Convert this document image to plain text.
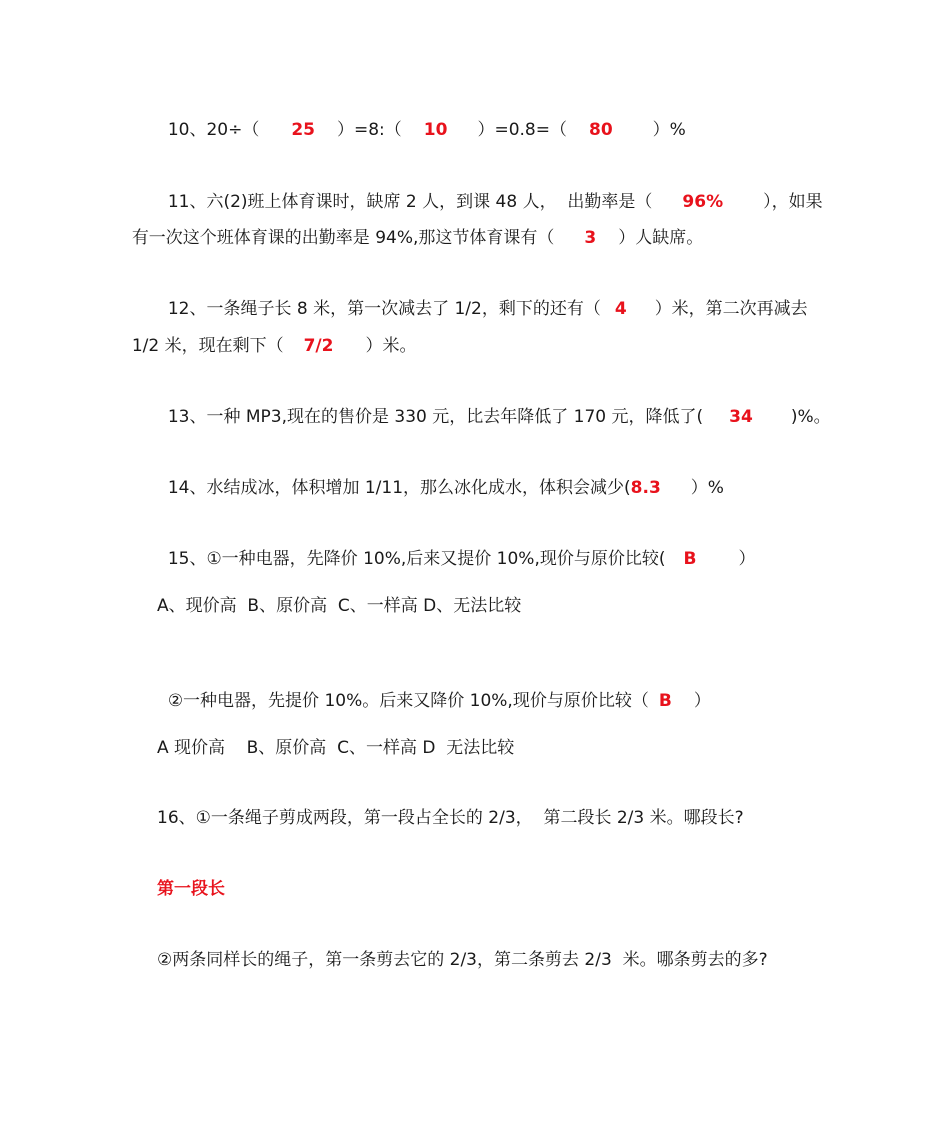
10、20÷（ 25 ）=8:（ 10 ）=0.8=（ 80 ）%

11、六(2)班上体育课时，缺席 2 人，到课 48 人，  出勤率是（ 96% ），如果

有一次这个班体育课的出勤率是 94%,那这节体育课有（ 3 ）人缺席。

12、一条绳子长 8 米，第一次减去了 1/2，剩下的还有（ 4 ）米，第二次再减去

1/2 米，现在剩下（ 7/2 ）米。

13、一种 MP3,现在的售价是 330 元，比去年降低了 170 元，降低了( 34 )%。

14、水结成冰，体积增加 1/11，那么冰化成水，体积会减少(8.3 ）%

15、①一种电器，先降价 10%,后来又提价 10%,现价与原价比较( B ）

A、现价高  B、原价高  C、一样高 D、无法比较

②一种电器，先提价 10%。后来又降价 10%,现价与原价比较（ B ）

A 现价高    B、原价高  C、一样高 D  无法比较
16、①一条绳子剪成两段，第一段占全长的 2/3，  第二段长 2/3 米。哪段长?
第一段长
②两条同样长的绳子，第一条剪去它的 2/3，第二条剪去 2/3  米。哪条剪去的多?
